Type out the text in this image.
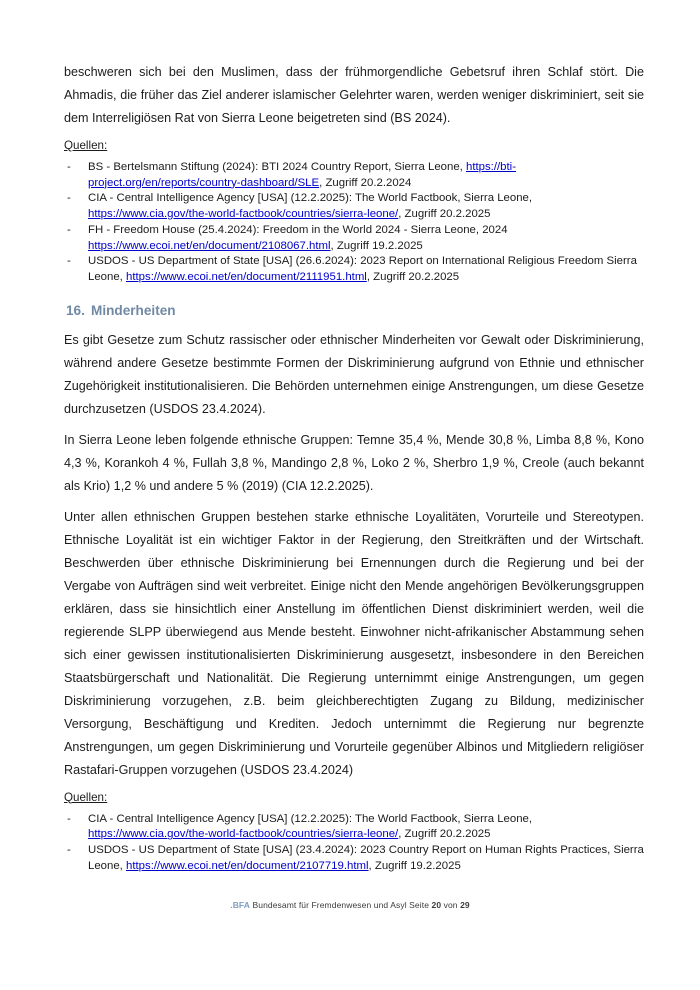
beschweren sich bei den Muslimen, dass der frühmorgendliche Gebetsruf ihren Schlaf stört. Die Ahmadis, die früher das Ziel anderer islamischer Gelehrter waren, werden weniger diskriminiert, seit sie dem Interreligiösen Rat von Sierra Leone beigetreten sind (BS 2024).

Quellen:
-	BS - Bertelsmann Stiftung (2024): BTI 2024 Country Report, Sierra Leone, https://bti-project.org/en/reports/country-dashboard/SLE, Zugriff 20.2.2024
-	CIA - Central Intelligence Agency [USA] (12.2.2025): The World Factbook, Sierra Leone, https://www.cia.gov/the-world-factbook/countries/sierra-leone/, Zugriff 20.2.2025
-	FH - Freedom House (25.4.2024): Freedom in the World 2024 - Sierra Leone, 2024 https://www.ecoi.net/en/document/2108067.html, Zugriff 19.2.2025
-	USDOS - US Department of State [USA] (26.6.2024): 2023 Report on International Religious Freedom Sierra Leone, https://www.ecoi.net/en/document/2111951.html, Zugriff 20.2.2025
16. Minderheiten

Es gibt Gesetze zum Schutz rassischer oder ethnischer Minderheiten vor Gewalt oder Diskriminierung, während andere Gesetze bestimmte Formen der Diskriminierung aufgrund von Ethnie und ethnischer Zugehörigkeit institutionalisieren. Die Behörden unternehmen einige Anstrengungen, um diese Gesetze durchzusetzen (USDOS 23.4.2024).

In Sierra Leone leben folgende ethnische Gruppen: Temne 35,4 %, Mende 30,8 %, Limba 8,8 %, Kono 4,3 %, Korankoh 4 %, Fullah 3,8 %, Mandingo 2,8 %, Loko 2 %, Sherbro 1,9 %, Creole (auch bekannt als Krio) 1,2 % und andere 5 % (2019) (CIA 12.2.2025).

Unter allen ethnischen Gruppen bestehen starke ethnische Loyalitäten, Vorurteile und Stereotypen. Ethnische Loyalität ist ein wichtiger Faktor in der Regierung, den Streitkräften und der Wirtschaft. Beschwerden über ethnische Diskriminierung bei Ernennungen durch die Regierung und bei der Vergabe von Aufträgen sind weit verbreitet. Einige nicht den Mende angehörigen Bevölkerungsgruppen erklären, dass sie hinsichtlich einer Anstellung im öffentlichen Dienst diskriminiert werden, weil die regierende SLPP überwiegend aus Mende besteht. Einwohner nicht-afrikanischer Abstammung sehen sich einer gewissen institutionalisierten Diskriminierung ausgesetzt, insbesondere in den Bereichen Staatsbürgerschaft und Nationalität. Die Regierung unternimmt einige Anstrengungen, um gegen Diskriminierung vorzugehen, z.B. beim gleichberechtigten Zugang zu Bildung, medizinischer Versorgung, Beschäftigung und Krediten. Jedoch unternimmt die Regierung nur begrenzte Anstrengungen, um gegen Diskriminierung und Vorurteile gegenüber Albinos und Mitgliedern religiöser Rastafari-Gruppen vorzugehen (USDOS 23.4.2024)

Quellen:
-	CIA - Central Intelligence Agency [USA] (12.2.2025): The World Factbook, Sierra Leone, https://www.cia.gov/the-world-factbook/countries/sierra-leone/, Zugriff 20.2.2025
-	USDOS - US Department of State [USA] (23.4.2024): 2023 Country Report on Human Rights Practices, Sierra Leone, https://www.ecoi.net/en/document/2107719.html, Zugriff 19.2.2025
.BFA Bundesamt für Fremdenwesen und Asyl Seite 20 von 29
